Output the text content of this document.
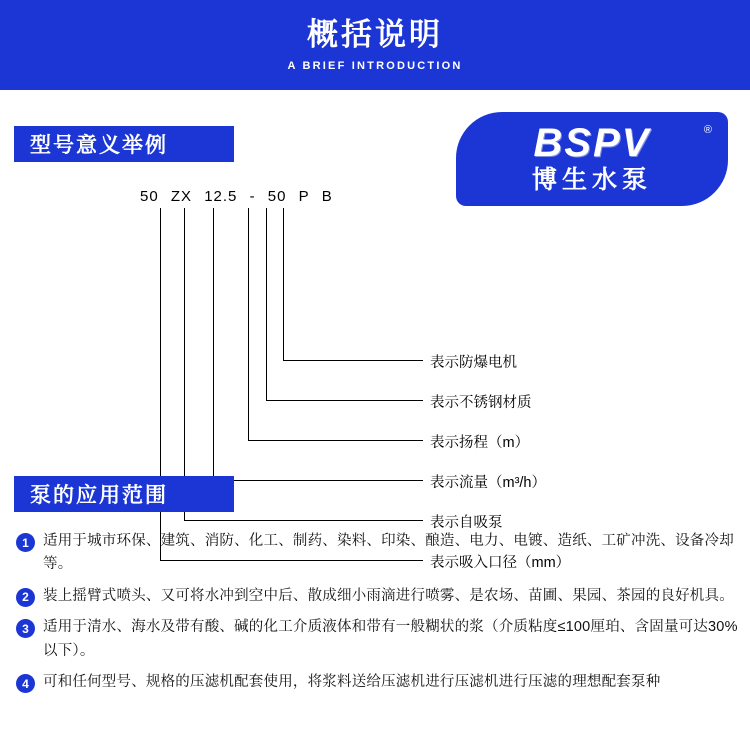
概括说明
A BRIEF INTRODUCTION
型号意义举例	BSPV	®
博生水泵
50 ZX 12.5 - 50 P B
表示防爆电机
表示不锈钢材质
表示扬程（m）
表示流量（m³/h）
表示自吸泵
表示吸入口径（mm）
泵的应用范围
1 适用于城市环保、建筑、消防、化工、制药、染料、印染、酿造、电力、电镀、造纸、工矿冲洗、设备冷却等。
2 装上摇臂式喷头、又可将水冲到空中后、散成细小雨滴进行喷雾、是农场、苗圃、果园、茶园的良好机具。
3 适用于清水、海水及带有酸、碱的化工介质液体和带有一般糊状的浆（介质粘度≤100厘珀、含固量可达30%以下）。
4 可和任何型号、规格的压滤机配套使用，将浆料送给压滤机进行压滤机进行压滤的理想配套泵种
